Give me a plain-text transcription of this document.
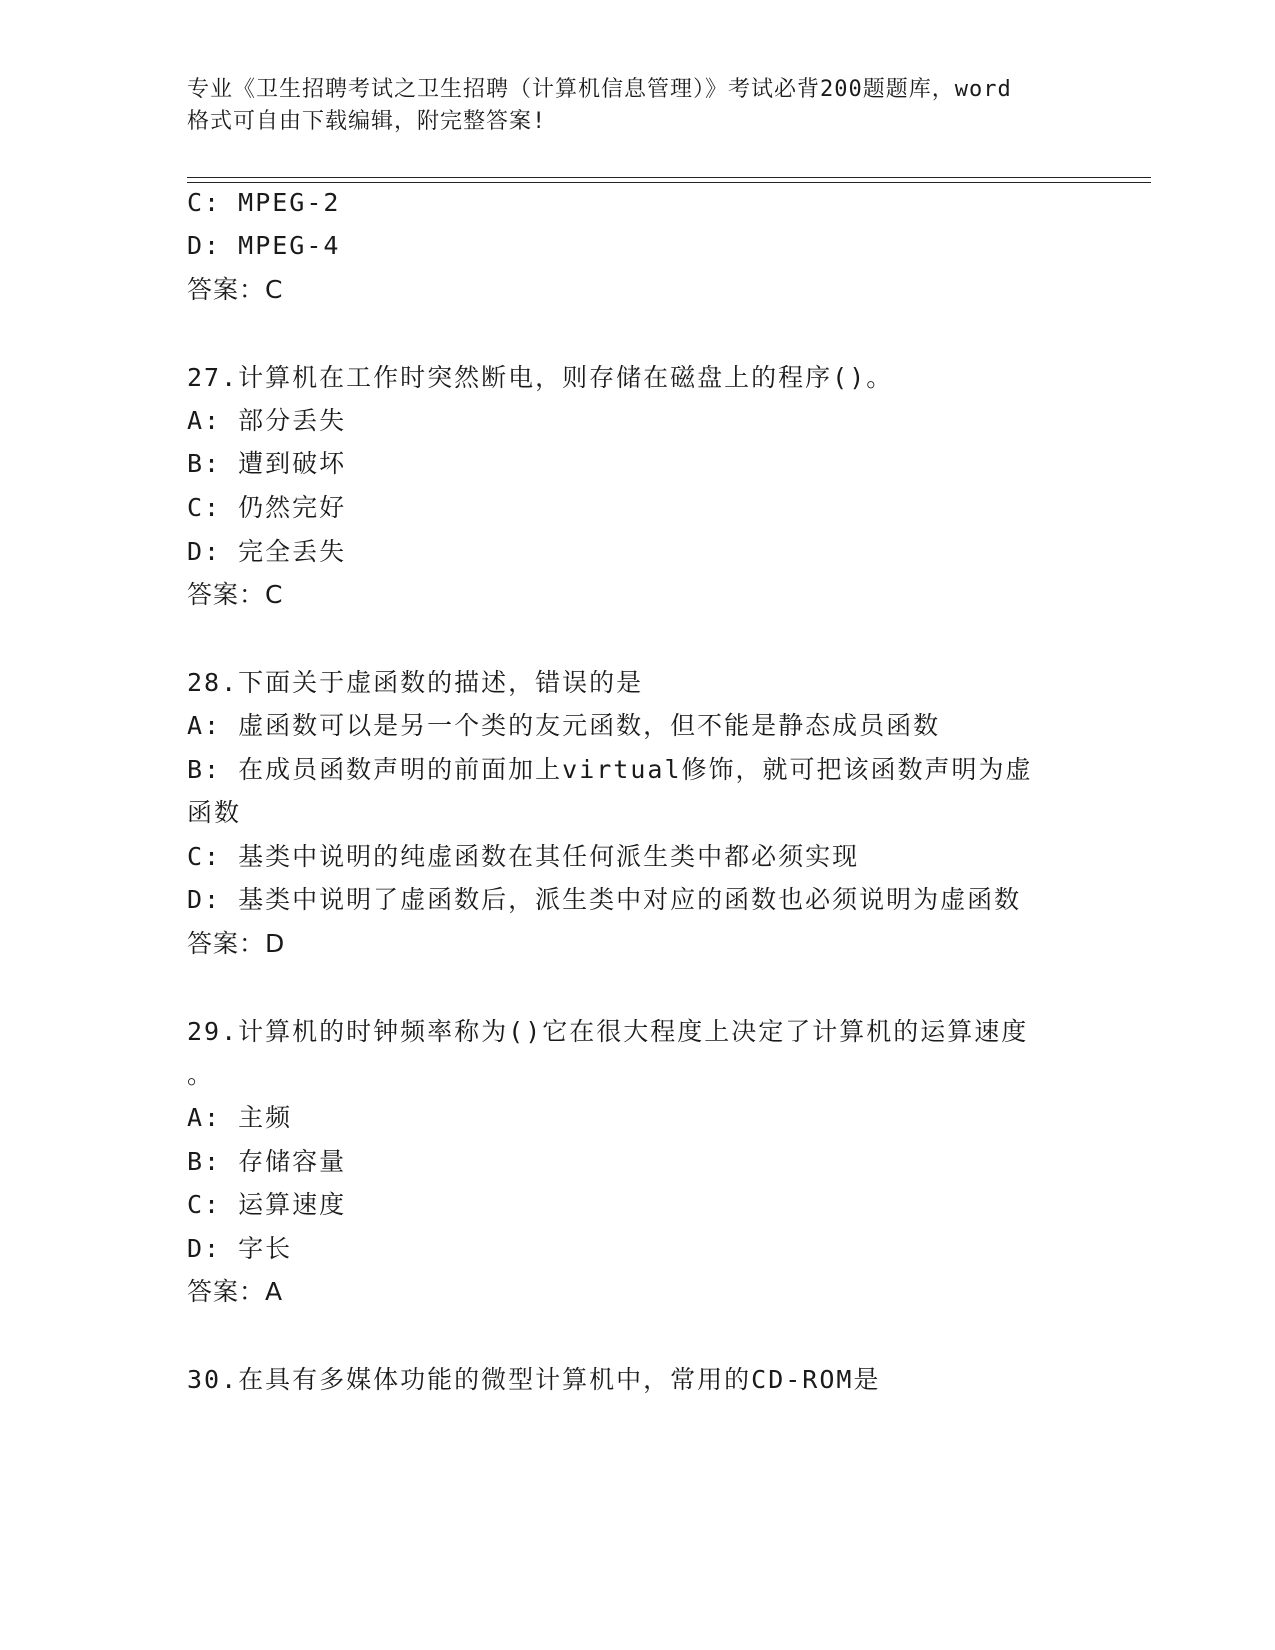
专业《卫生招聘考试之卫生招聘（计算机信息管理）》考试必背200题题库，word
格式可自由下载编辑，附完整答案!
C: MPEG-2
D: MPEG-4
答案：C
27.计算机在工作时突然断电，则存储在磁盘上的程序()。
A: 部分丢失
B: 遭到破坏
C: 仍然完好
D: 完全丢失
答案：C
28.下面关于虚函数的描述，错误的是
A: 虚函数可以是另一个类的友元函数，但不能是静态成员函数
B: 在成员函数声明的前面加上virtual修饰，就可把该函数声明为虚
函数
C: 基类中说明的纯虚函数在其任何派生类中都必须实现
D: 基类中说明了虚函数后，派生类中对应的函数也必须说明为虚函数
答案：D
29.计算机的时钟频率称为()它在很大程度上决定了计算机的运算速度
。
A: 主频
B: 存储容量
C: 运算速度
D: 字长
答案：A
30.在具有多媒体功能的微型计算机中，常用的CD-ROM是
